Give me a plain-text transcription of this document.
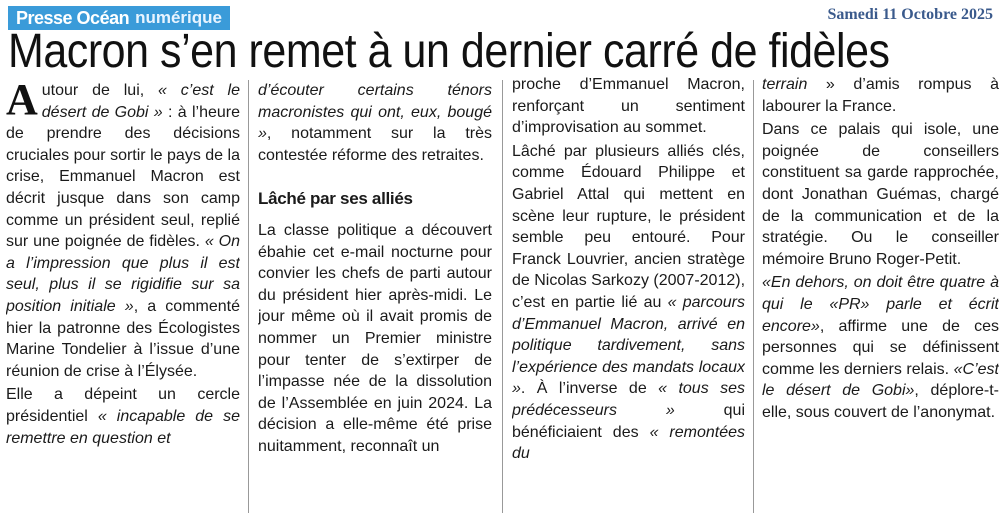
Presse Océan numérique	Samedi 11 Octobre 2025
Macron s’en remet à un dernier carré de fidèles

Autour de lui, « c’est le désert de Gobi » : à l’heure de prendre des décisions cruciales pour sortir le pays de la crise, Emmanuel Macron est décrit jusque dans son camp comme un président seul, replié sur une poignée de fidèles. « On a l’impression que plus il est seul, plus il se rigidifie sur sa position initiale », a commenté hier la patronne des Écologistes Marine Tondelier à l’issue d’une réunion de crise à l’Élysée.

Elle a dépeint un cercle présidentiel « incapable de se remettre en question et

d’écouter certains ténors macronistes qui ont, eux, bougé », notamment sur la très contestée réforme des retraites.

Lâché par ses alliés

La classe politique a découvert ébahie cet e-mail nocturne pour convier les chefs de parti autour du président hier après-midi. Le jour même où il avait promis de nommer un Premier ministre pour tenter de s’extirper de l’impasse née de la dissolution de l’Assemblée en juin 2024. La décision a elle-même été prise nuitamment, reconnaît un

proche d’Emmanuel Macron, renforçant un sentiment d’improvisation au sommet.

Lâché par plusieurs alliés clés, comme Édouard Philippe et Gabriel Attal qui mettent en scène leur rupture, le président semble peu entouré. Pour Franck Louvrier, ancien stratège de Nicolas Sarkozy (2007-2012), c’est en partie lié au « parcours d’Emmanuel Macron, arrivé en politique tardivement, sans l’expérience des mandats locaux ». À l’inverse de « tous ses prédécesseurs » qui bénéficiaient des « remontées du

terrain » d’amis rompus à labourer la France.

Dans ce palais qui isole, une poignée de conseillers constituent sa garde rapprochée, dont Jonathan Guémas, chargé de la communication et de la stratégie. Ou le conseiller mémoire Bruno Roger-Petit.

«En dehors, on doit être quatre à qui le «PR» parle et écrit encore», affirme une de ces personnes qui se définissent comme les derniers relais. «C’est le désert de Gobi», déplore-t-elle, sous couvert de l’anonymat.
